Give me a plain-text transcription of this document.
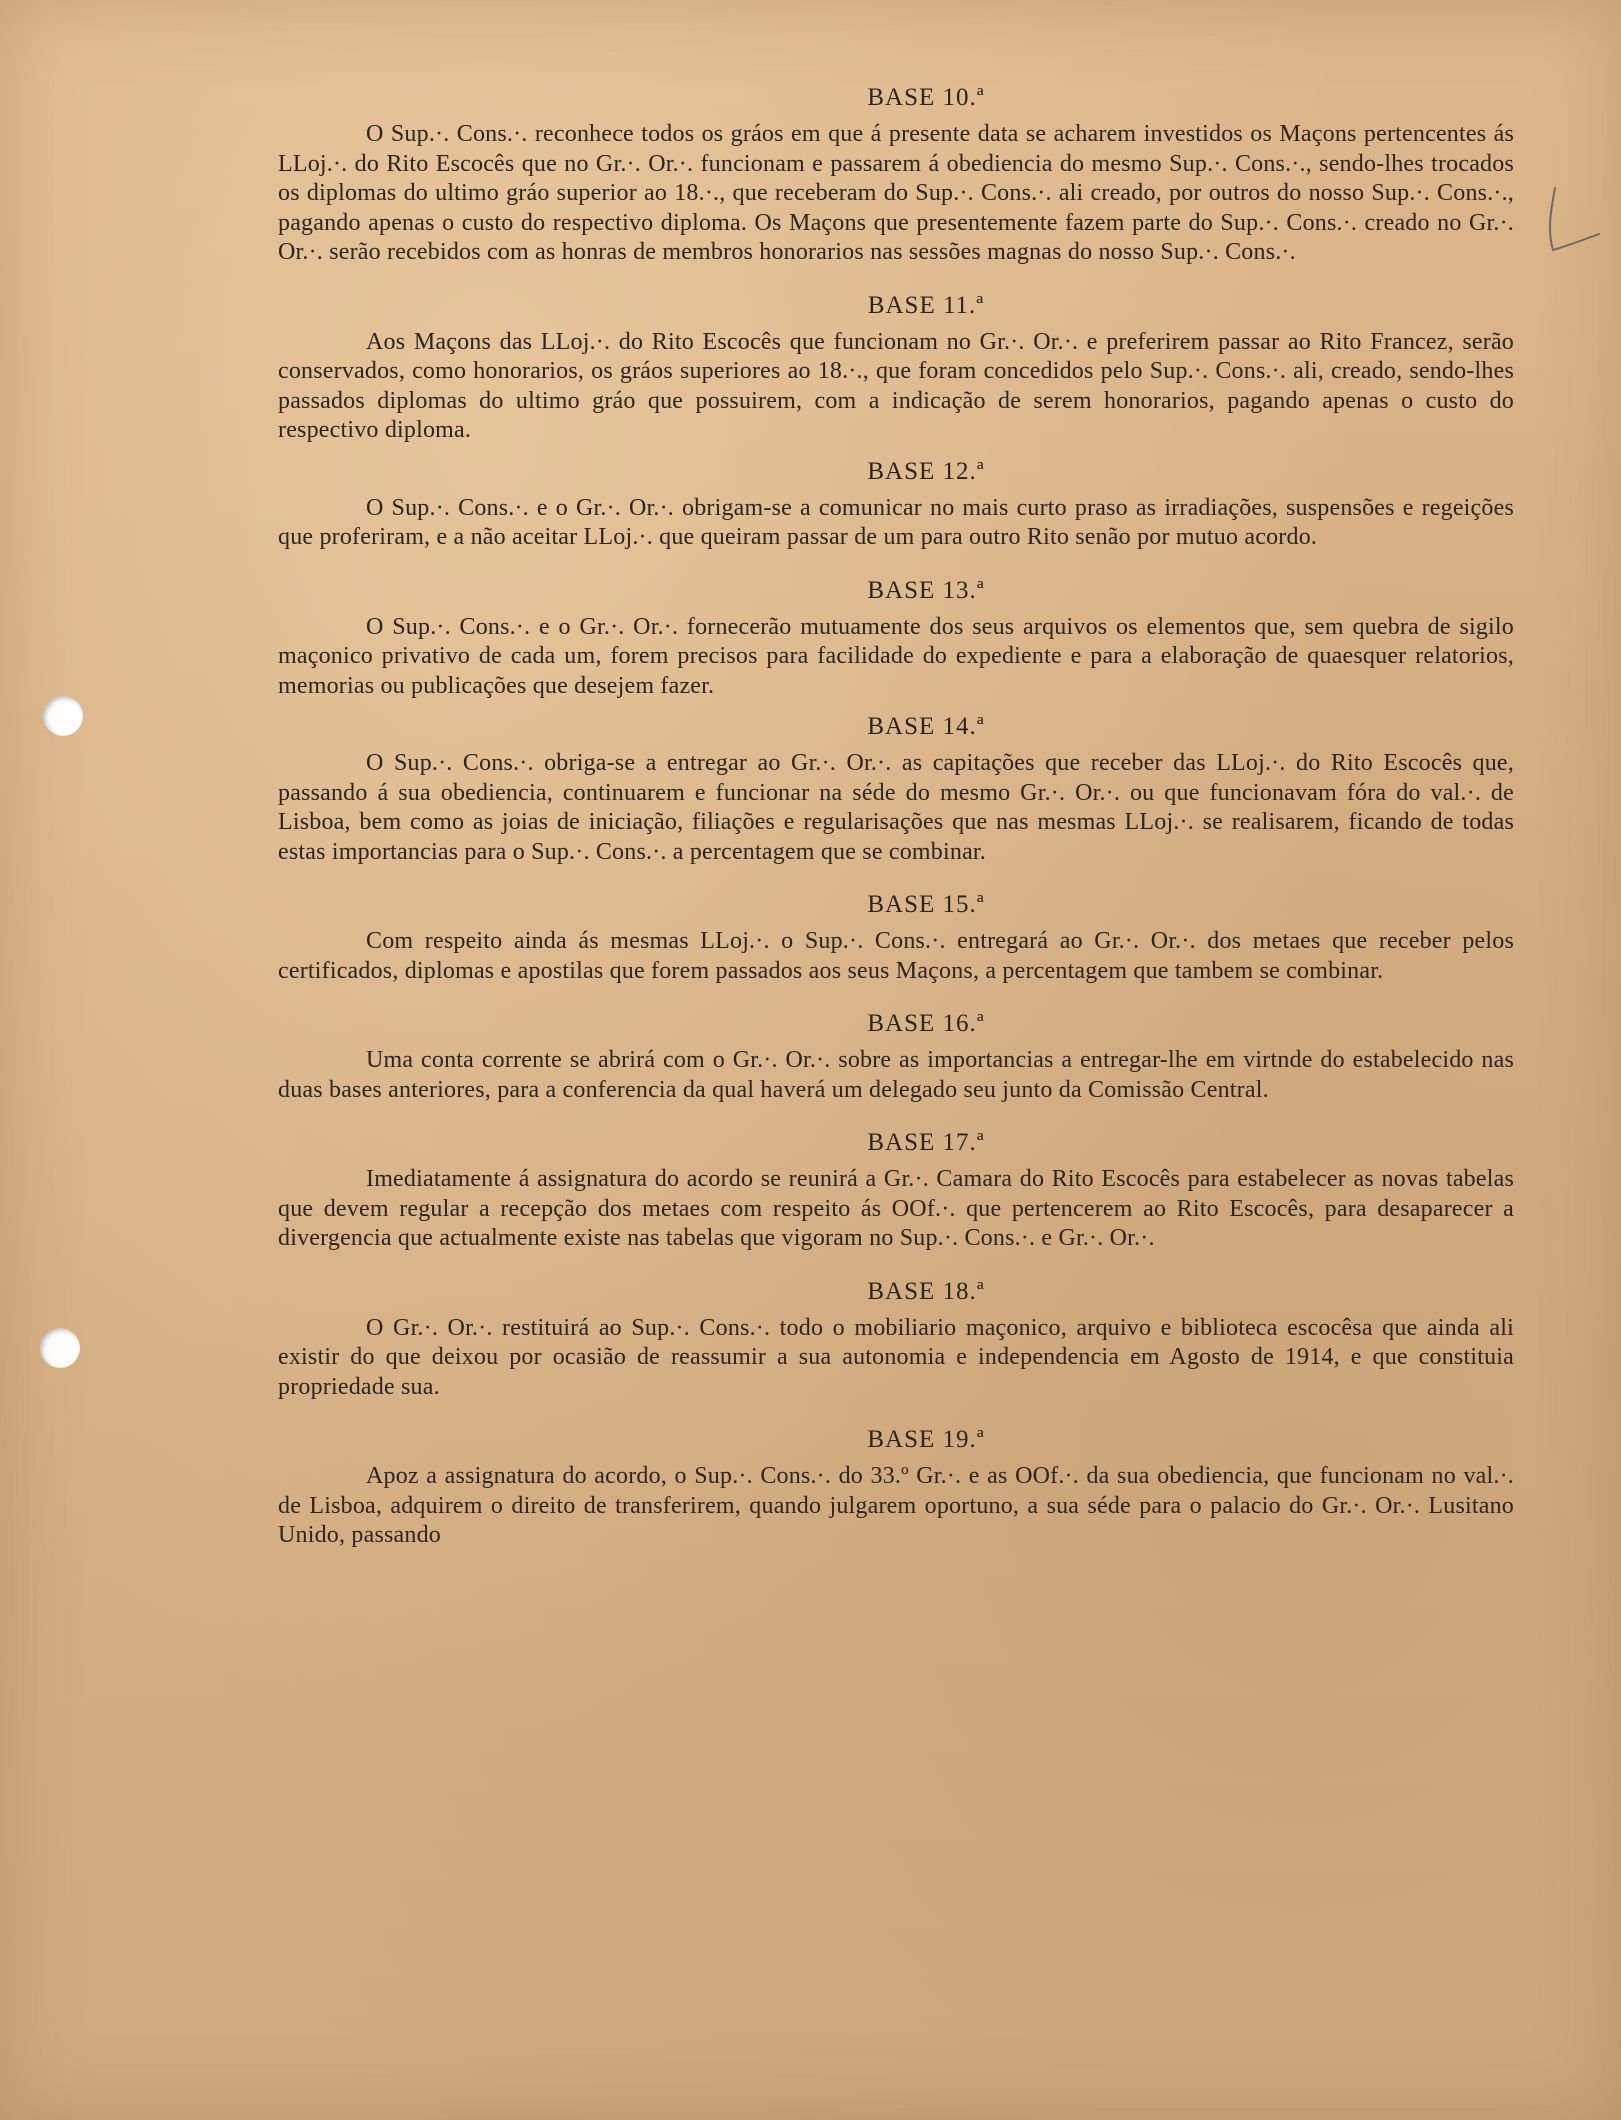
BASE 10.ª

O Sup.·. Cons.·. reconhece todos os gráos em que á presente data se acharem investidos os Maçons pertencentes ás LLoj.·. do Rito Escocês que no Gr.·. Or.·. funcionam e passarem á obediencia do mesmo Sup.·. Cons.·., sendo-lhes trocados os diplomas do ultimo gráo superior ao 18.·., que receberam do Sup.·. Cons.·. ali creado, por outros do nosso Sup.·. Cons.·., pagando apenas o custo do respectivo diploma. Os Maçons que presentemente fazem parte do Sup.·. Cons.·. creado no Gr.·. Or.·. serão recebidos com as honras de membros honorarios nas sessões magnas do nosso Sup.·. Cons.·.

BASE 11.ª

Aos Maçons das LLoj.·. do Rito Escocês que funcionam no Gr.·. Or.·. e preferirem passar ao Rito Francez, serão conservados, como honorarios, os gráos superiores ao 18.·., que foram concedidos pelo Sup.·. Cons.·. ali, creado, sendo-lhes passados diplomas do ultimo gráo que possuirem, com a indicação de serem honorarios, pagando apenas o custo do respectivo diploma.

BASE 12.ª

O Sup.·. Cons.·. e o Gr.·. Or.·. obrigam-se a comunicar no mais curto praso as irradiações, suspensões e regeições que proferiram, e a não aceitar LLoj.·. que queiram passar de um para outro Rito senão por mutuo acordo.

BASE 13.ª

O Sup.·. Cons.·. e o Gr.·. Or.·. fornecerão mutuamente dos seus arquivos os elementos que, sem quebra de sigilo maçonico privativo de cada um, forem precisos para facilidade do expediente e para a elaboração de quaesquer relatorios, memorias ou publicações que desejem fazer.

BASE 14.ª

O Sup.·. Cons.·. obriga-se a entregar ao Gr.·. Or.·. as capitações que receber das LLoj.·. do Rito Escocês que, passando á sua obediencia, continuarem e funcionar na séde do mesmo Gr.·. Or.·. ou que funcionavam fóra do val.·. de Lisboa, bem como as joias de iniciação, filiações e regularisações que nas mesmas LLoj.·. se realisarem, ficando de todas estas importancias para o Sup.·. Cons.·. a percentagem que se combinar.

BASE 15.ª

Com respeito ainda ás mesmas LLoj.·. o Sup.·. Cons.·. entregará ao Gr.·. Or.·. dos metaes que receber pelos certificados, diplomas e apostilas que forem passados aos seus Maçons, a percentagem que tambem se combinar.

BASE 16.ª

Uma conta corrente se abrirá com o Gr.·. Or.·. sobre as importancias a entregar-lhe em virtnde do estabelecido nas duas bases anteriores, para a conferencia da qual haverá um delegado seu junto da Comissão Central.

BASE 17.ª

Imediatamente á assignatura do acordo se reunirá a Gr.·. Camara do Rito Escocês para estabelecer as novas tabelas que devem regular a recepção dos metaes com respeito ás OOf.·. que pertencerem ao Rito Escocês, para desaparecer a divergencia que actualmente existe nas tabelas que vigoram no Sup.·. Cons.·. e Gr.·. Or.·.

BASE 18.ª

O Gr.·. Or.·. restituirá ao Sup.·. Cons.·. todo o mobiliario maçonico, arquivo e biblioteca escocêsa que ainda ali existir do que deixou por ocasião de reassumir a sua autonomia e independencia em Agosto de 1914, e que constituia propriedade sua.

BASE 19.ª

Apoz a assignatura do acordo, o Sup.·. Cons.·. do 33.º Gr.·. e as OOf.·. da sua obediencia, que funcionam no val.·. de Lisboa, adquirem o direito de transferirem, quando julgarem oportuno, a sua séde para o palacio do Gr.·. Or.·. Lusitano Unido, passando
